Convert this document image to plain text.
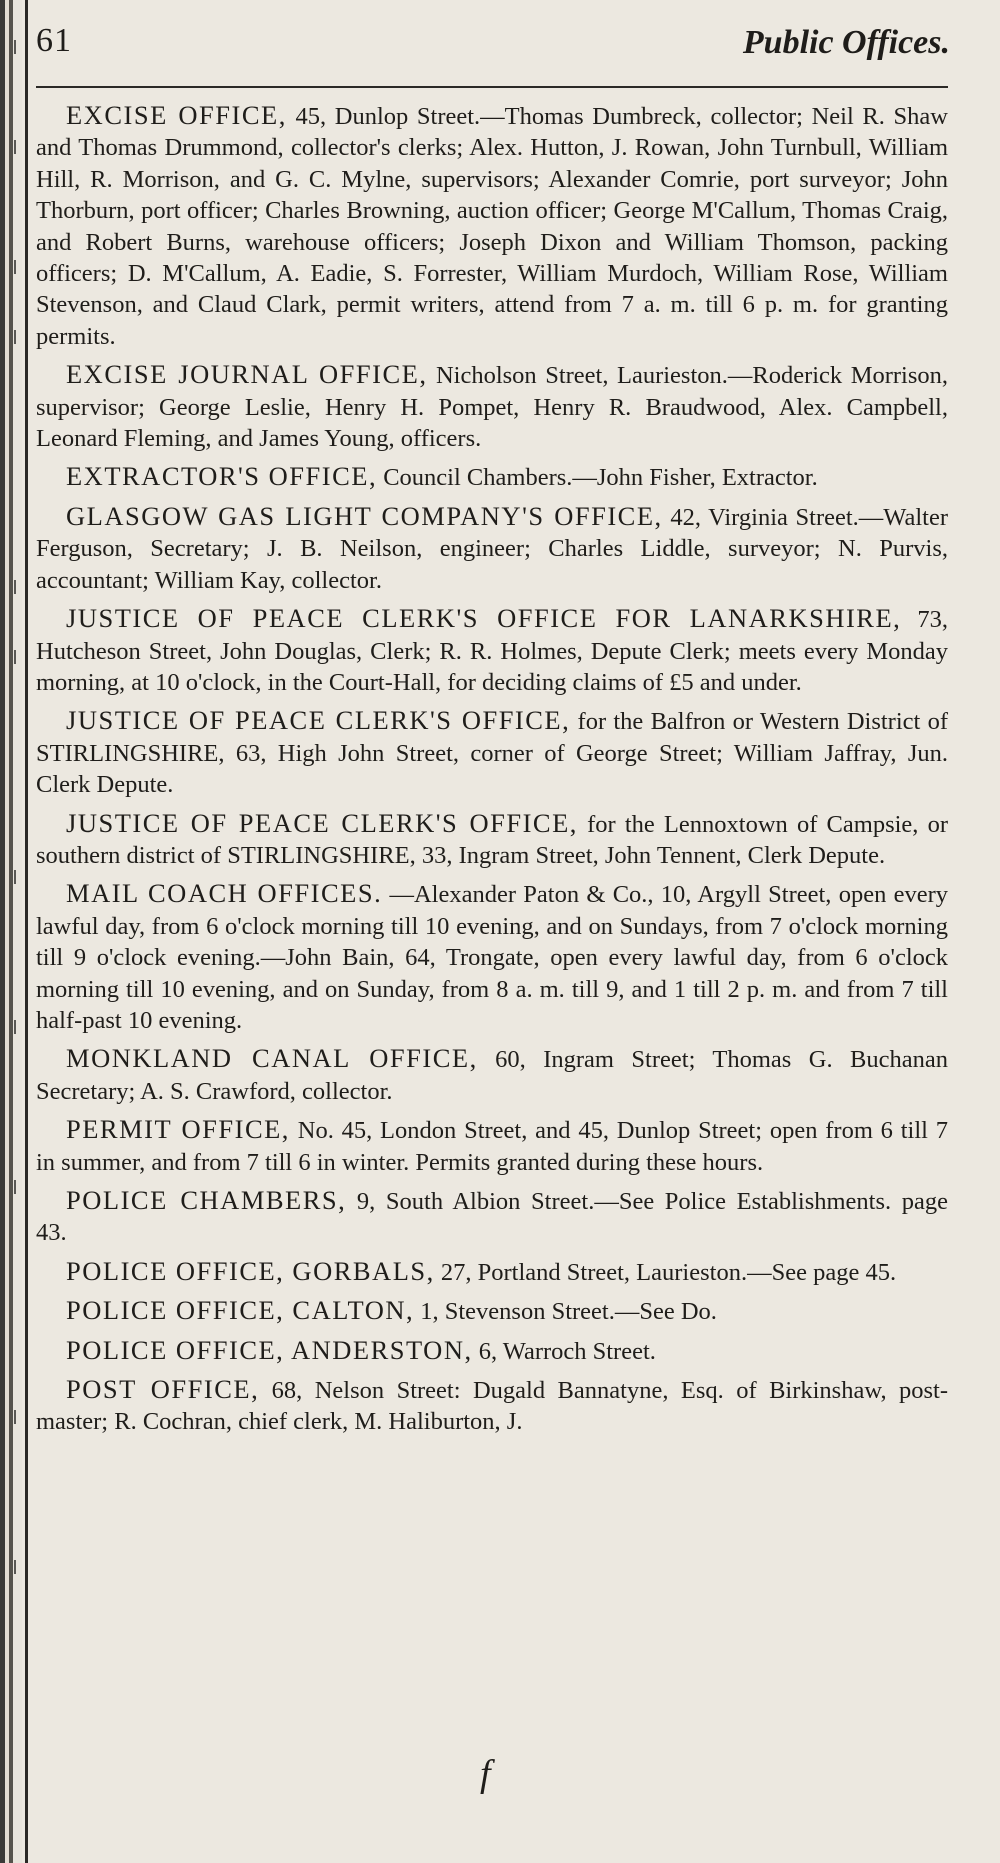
61	Public Offices.

EXCISE OFFICE, 45, Dunlop Street.—Thomas Dumbreck, collector; Neil R. Shaw and Thomas Drummond, collector's clerks; Alex. Hutton, J. Rowan, John Turnbull, William Hill, R. Morrison, and G. C. Mylne, supervisors; Alexander Comrie, port surveyor; John Thorburn, port officer; Charles Browning, auction officer; George M'Callum, Thomas Craig, and Robert Burns, warehouse officers; Joseph Dixon and William Thomson, packing officers; D. M'Callum, A. Eadie, S. Forrester, William Murdoch, William Rose, William Stevenson, and Claud Clark, permit writers, attend from 7 a. m. till 6 p. m. for granting permits.

EXCISE JOURNAL OFFICE, Nicholson Street, Laurieston.—Roderick Morrison, supervisor; George Leslie, Henry H. Pompet, Henry R. Braudwood, Alex. Campbell, Leonard Fleming, and James Young, officers.

EXTRACTOR'S OFFICE, Council Chambers.—John Fisher, Extractor.

GLASGOW GAS LIGHT COMPANY'S OFFICE, 42, Virginia Street.—Walter Ferguson, Secretary; J. B. Neilson, engineer; Charles Liddle, surveyor; N. Purvis, accountant; William Kay, collector.

JUSTICE OF PEACE CLERK'S OFFICE FOR LANARKSHIRE, 73, Hutcheson Street, John Douglas, Clerk; R. R. Holmes, Depute Clerk; meets every Monday morning, at 10 o'clock, in the Court-Hall, for deciding claims of £5 and under.

JUSTICE OF PEACE CLERK'S OFFICE, for the Balfron or Western District of STIRLINGSHIRE, 63, High John Street, corner of George Street; William Jaffray, Jun. Clerk Depute.

JUSTICE OF PEACE CLERK'S OFFICE, for the Lennoxtown of Campsie, or southern district of STIRLINGSHIRE, 33, Ingram Street, John Tennent, Clerk Depute.

MAIL COACH OFFICES. —Alexander Paton & Co., 10, Argyll Street, open every lawful day, from 6 o'clock morning till 10 evening, and on Sundays, from 7 o'clock morning till 9 o'clock evening.—John Bain, 64, Trongate, open every lawful day, from 6 o'clock morning till 10 evening, and on Sunday, from 8 a. m. till 9, and 1 till 2 p. m. and from 7 till half-past 10 evening.

MONKLAND CANAL OFFICE, 60, Ingram Street; Thomas G. Buchanan Secretary; A. S. Crawford, collector.

PERMIT OFFICE, No. 45, London Street, and 45, Dunlop Street; open from 6 till 7 in summer, and from 7 till 6 in winter. Permits granted during these hours.

POLICE CHAMBERS, 9, South Albion Street.—See Police Establishments. page 43.

POLICE OFFICE, GORBALS, 27, Portland Street, Laurieston.—See page 45.

POLICE OFFICE, CALTON, 1, Stevenson Street.—See Do.

POLICE OFFICE, ANDERSTON, 6, Warroch Street.

POST OFFICE, 68, Nelson Street: Dugald Bannatyne, Esq. of Birkinshaw, post-master; R. Cochran, chief clerk, M. Haliburton, J.

f
